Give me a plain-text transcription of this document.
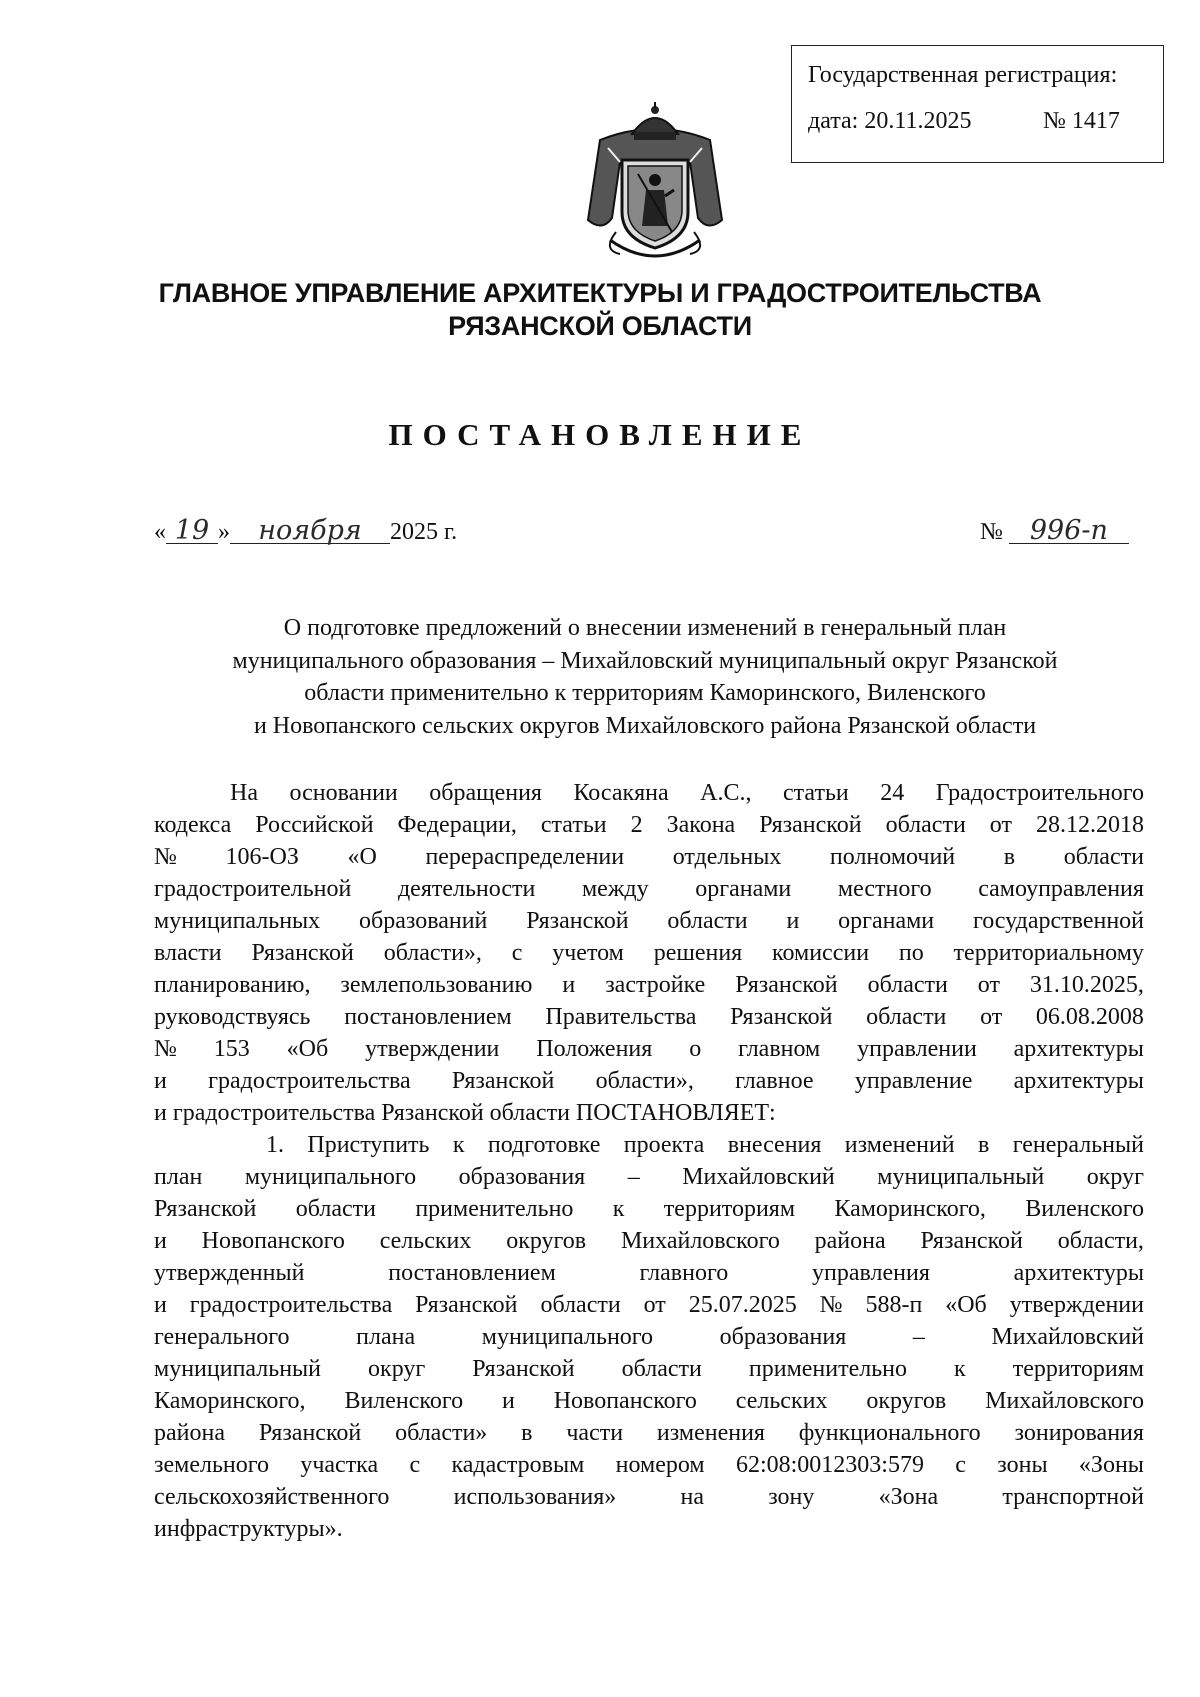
Государственная регистрация:
дата: 20.11.2025	№ 1417
ГЛАВНОЕ УПРАВЛЕНИЕ АРХИТЕКТУРЫ И ГРАДОСТРОИТЕЛЬСТВА
РЯЗАНСКОЙ ОБЛАСТИ
ПОСТАНОВЛЕНИЕ
« 19 » ноября 2025 г.	№ 996-п
О подготовке предложений о внесении изменений в генеральный план
муниципального образования – Михайловский муниципальный округ Рязанской
области применительно к территориям Каморинского, Виленского
и Новопанского сельских округов Михайловского района Рязанской области
На основании обращения Косакяна А.С., статьи 24 Градостроительного
кодекса Российской Федерации, статьи 2 Закона Рязанской области от 28.12.2018
№ 106-ОЗ «О перераспределении отдельных полномочий в области
градостроительной деятельности между органами местного самоуправления
муниципальных образований Рязанской области и органами государственной
власти Рязанской области», с учетом решения комиссии по территориальному
планированию, землепользованию и застройке Рязанской области от 31.10.2025,
руководствуясь постановлением Правительства Рязанской области от 06.08.2008
№ 153 «Об утверждении Положения о главном управлении архитектуры
и градостроительства Рязанской области», главное управление архитектуры
и градостроительства Рязанской области ПОСТАНОВЛЯЕТ:
1. Приступить к подготовке проекта внесения изменений в генеральный
план муниципального образования – Михайловский муниципальный округ
Рязанской области применительно к территориям Каморинского, Виленского
и Новопанского сельских округов Михайловского района Рязанской области,
утвержденный	постановлением	главного	управления	архитектуры
и градостроительства Рязанской области от 25.07.2025 № 588-п «Об утверждении
генерального	плана	муниципального	образования	–	Михайловский
муниципальный округ Рязанской области применительно к территориям
Каморинского, Виленского и Новопанского сельских округов Михайловского
района Рязанской области» в части изменения функционального зонирования
земельного участка с кадастровым номером 62:08:0012303:579 с зоны «Зоны
сельскохозяйственного	использования»	на	зону	«Зона	транспортной
инфраструктуры».
